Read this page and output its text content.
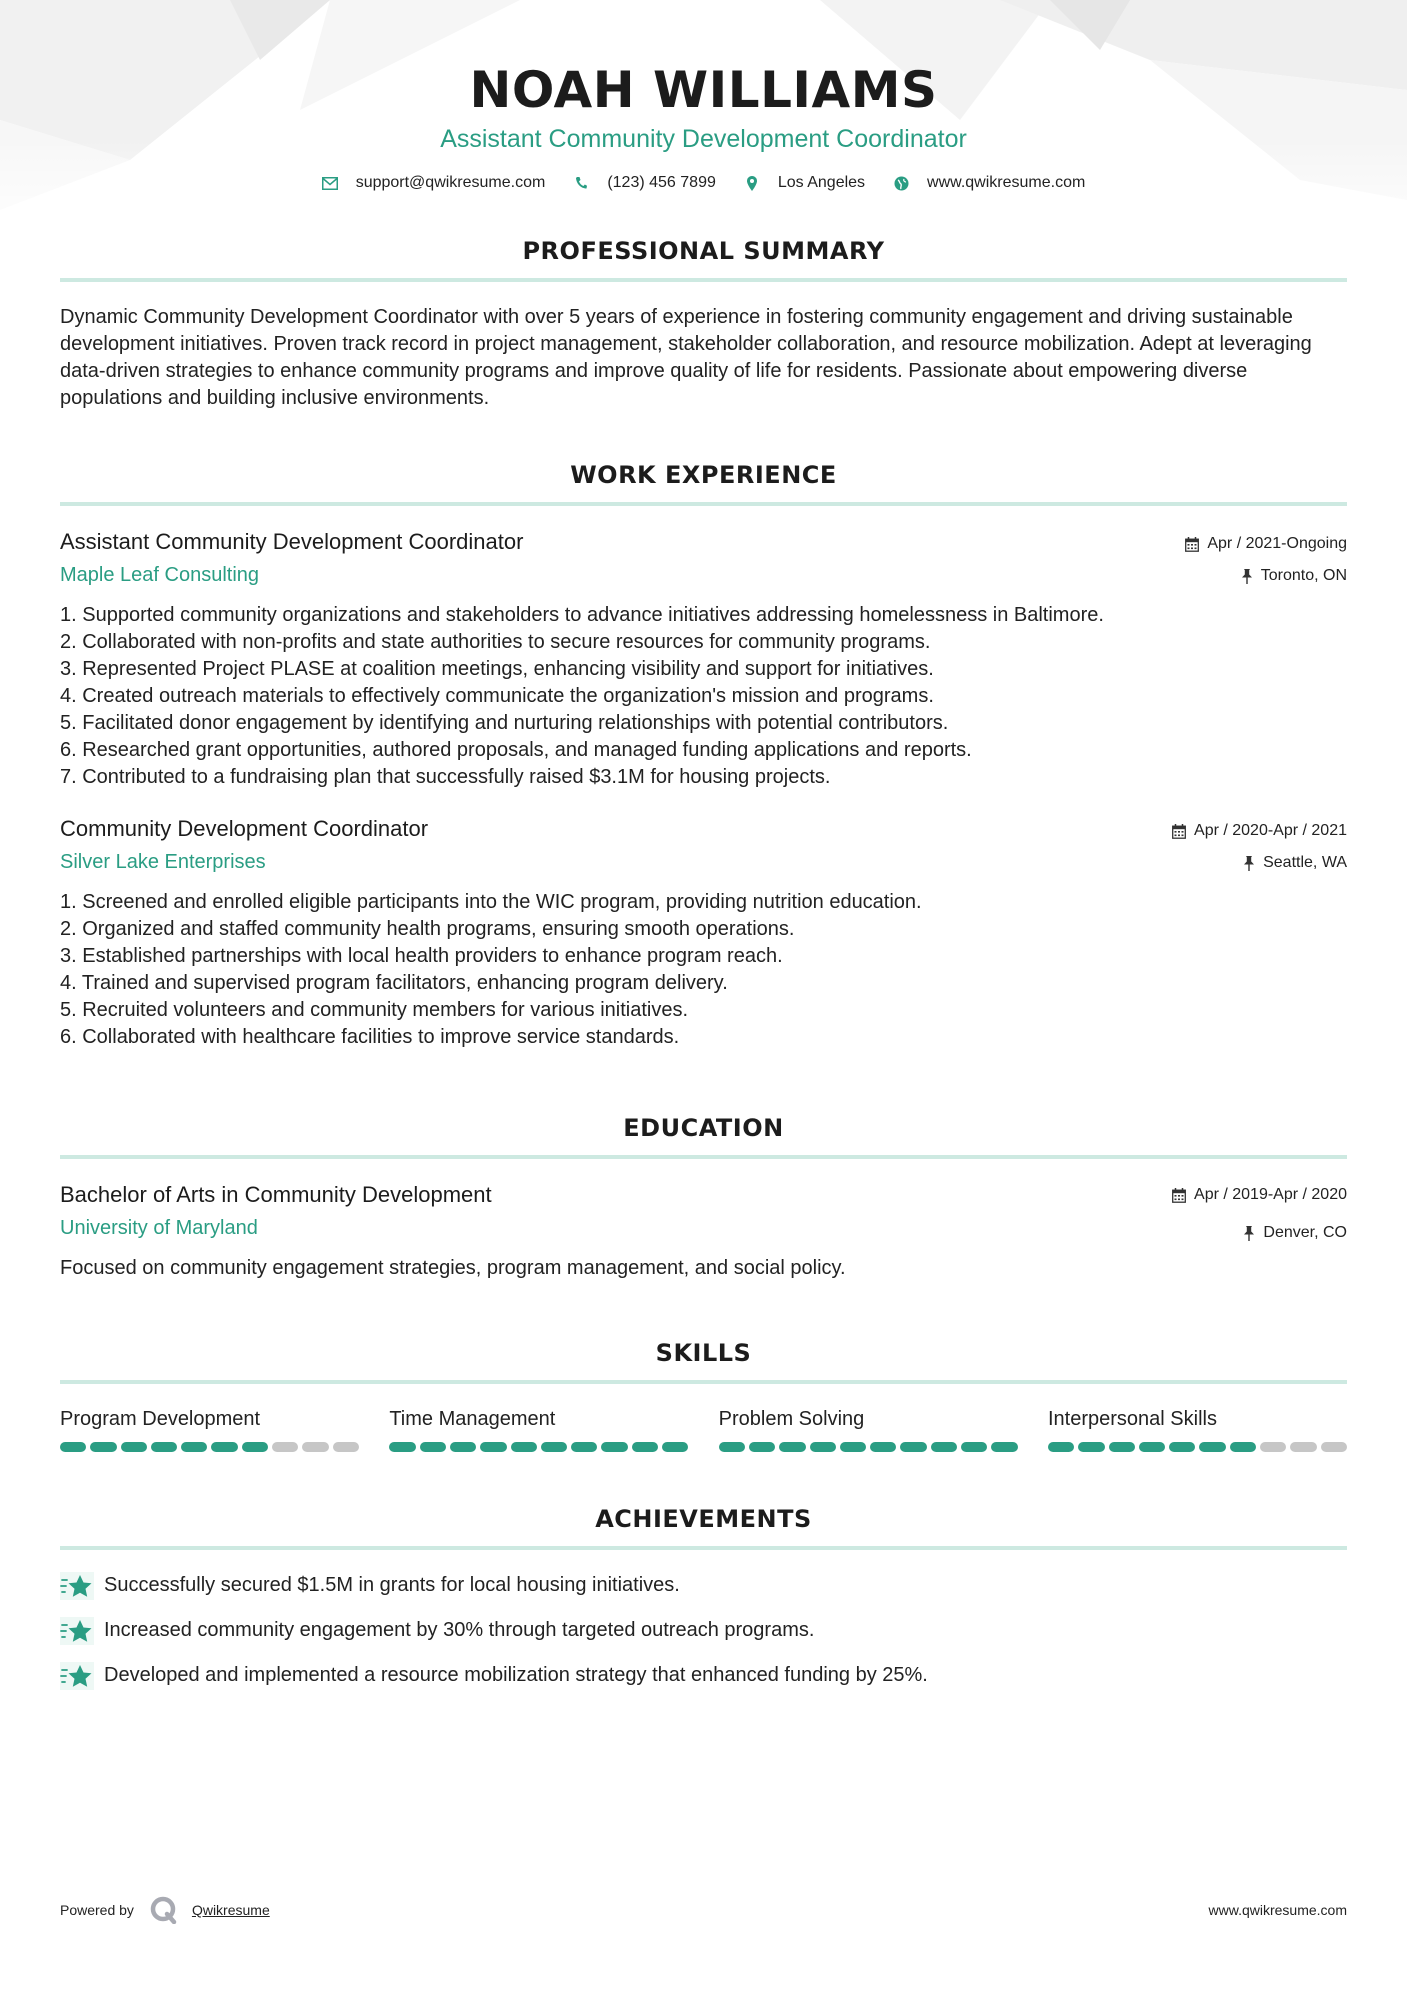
NOAH WILLIAMS
Assistant Community Development Coordinator
support@qwikresume.com	(123) 456 7899	Los Angeles	www.qwikresume.com
PROFESSIONAL SUMMARY

Dynamic Community Development Coordinator with over 5 years of experience in fostering community engagement and driving sustainable development initiatives. Proven track record in project management, stakeholder collaboration, and resource mobilization. Adept at leveraging data-driven strategies to enhance community programs and improve quality of life for residents. Passionate about empowering diverse populations and building inclusive environments.

WORK EXPERIENCE
Assistant Community Development Coordinator
Maple Leaf Consulting
Apr / 2021-Ongoing
Toronto, ON
1. Supported community organizations and stakeholders to advance initiatives addressing homelessness in Baltimore.
2. Collaborated with non-profits and state authorities to secure resources for community programs.
3. Represented Project PLASE at coalition meetings, enhancing visibility and support for initiatives.
4. Created outreach materials to effectively communicate the organization's mission and programs.
5. Facilitated donor engagement by identifying and nurturing relationships with potential contributors.
6. Researched grant opportunities, authored proposals, and managed funding applications and reports.
7. Contributed to a fundraising plan that successfully raised $3.1M for housing projects.
Community Development Coordinator
Silver Lake Enterprises
Apr / 2020-Apr / 2021
Seattle, WA
1. Screened and enrolled eligible participants into the WIC program, providing nutrition education.
2. Organized and staffed community health programs, ensuring smooth operations.
3. Established partnerships with local health providers to enhance program reach.
4. Trained and supervised program facilitators, enhancing program delivery.
5. Recruited volunteers and community members for various initiatives.
6. Collaborated with healthcare facilities to improve service standards.
EDUCATION
Bachelor of Arts in Community Development
University of Maryland
Apr / 2019-Apr / 2020
Denver, CO

Focused on community engagement strategies, program management, and social policy.

SKILLS
Program Development	Time Management	Problem Solving	Interpersonal Skills
ACHIEVEMENTS
Successfully secured $1.5M in grants for local housing initiatives.
Increased community engagement by 30% through targeted outreach programs.
Developed and implemented a resource mobilization strategy that enhanced funding by 25%.
Powered by	Qwikresume	www.qwikresume.com
